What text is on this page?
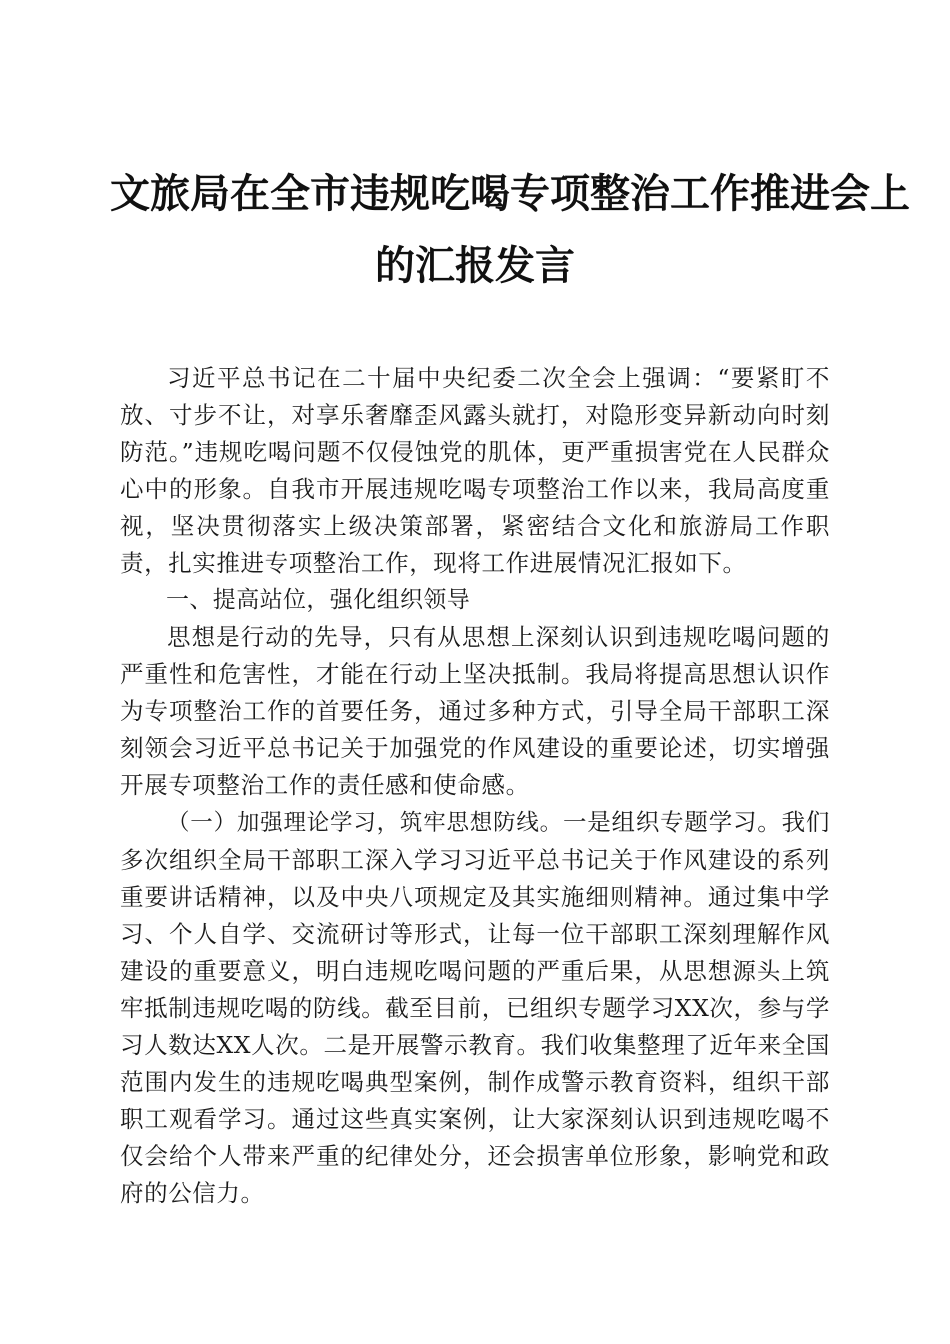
文旅局在全市违规吃喝专项整治工作推进会上
的汇报发言

习近平总书记在二十届中央纪委二次全会上强调：“要紧盯不放、寸步不让，对享乐奢靡歪风露头就打，对隐形变异新动向时刻防范。”违规吃喝问题不仅侵蚀党的肌体，更严重损害党在人民群众心中的形象。自我市开展违规吃喝专项整治工作以来，我局高度重视，坚决贯彻落实上级决策部署，紧密结合文化和旅游局工作职责，扎实推进专项整治工作，现将工作进展情况汇报如下。

一、提高站位，强化组织领导

思想是行动的先导，只有从思想上深刻认识到违规吃喝问题的严重性和危害性，才能在行动上坚决抵制。我局将提高思想认识作为专项整治工作的首要任务，通过多种方式，引导全局干部职工深刻领会习近平总书记关于加强党的作风建设的重要论述，切实增强开展专项整治工作的责任感和使命感。

（一）加强理论学习，筑牢思想防线。一是组织专题学习。我们多次组织全局干部职工深入学习习近平总书记关于作风建设的系列重要讲话精神，以及中央八项规定及其实施细则精神。通过集中学习、个人自学、交流研讨等形式，让每一位干部职工深刻理解作风建设的重要意义，明白违规吃喝问题的严重后果，从思想源头上筑牢抵制违规吃喝的防线。截至目前，已组织专题学习XX次，参与学习人数达XX人次。二是开展警示教育。我们收集整理了近年来全国范围内发生的违规吃喝典型案例，制作成警示教育资料，组织干部职工观看学习。通过这些真实案例，让大家深刻认识到违规吃喝不仅会给个人带来严重的纪律处分，还会损害单位形象，影响党和政府的公信力。
